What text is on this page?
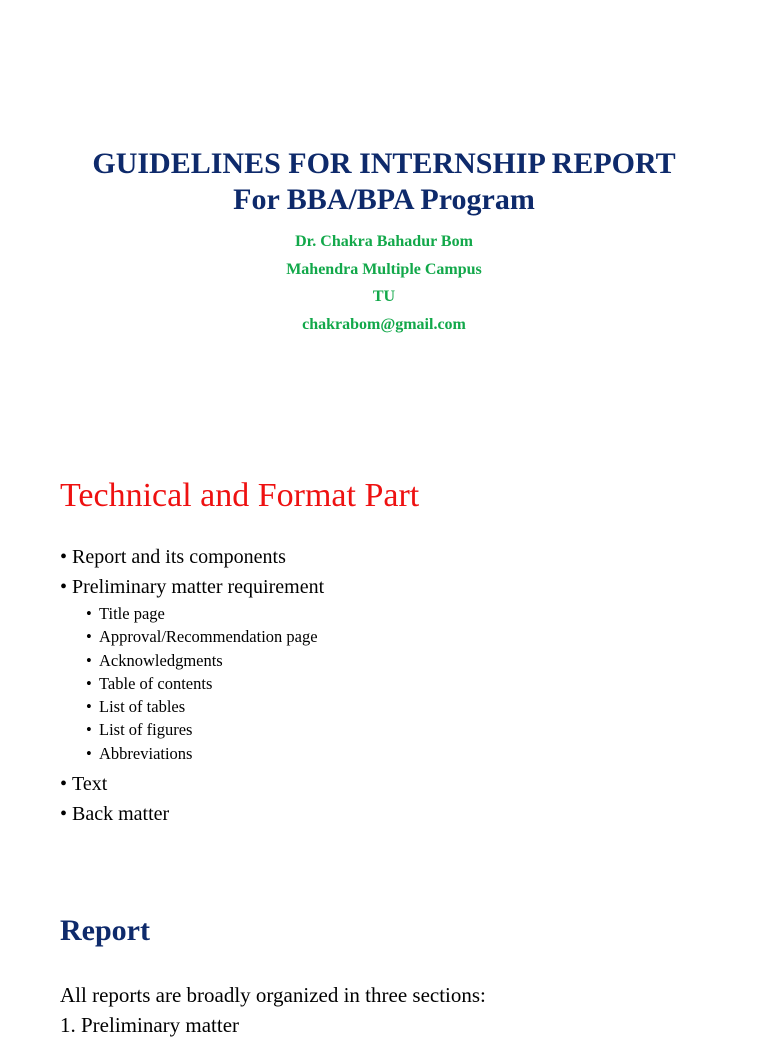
GUIDELINES FOR INTERNSHIP REPORT

For BBA/BPA Program

Dr. Chakra Bahadur Bom

Mahendra Multiple Campus

TU

chakrabom@gmail.com

Technical and Format Part
• Report and its components
• Preliminary matter requirement
• Title page
• Approval/Recommendation page
• Acknowledgments
• Table of contents
• List of tables
• List of figures
• Abbreviations
• Text
• Back matter
Report

All reports are broadly organized in three sections:

1. Preliminary matter
